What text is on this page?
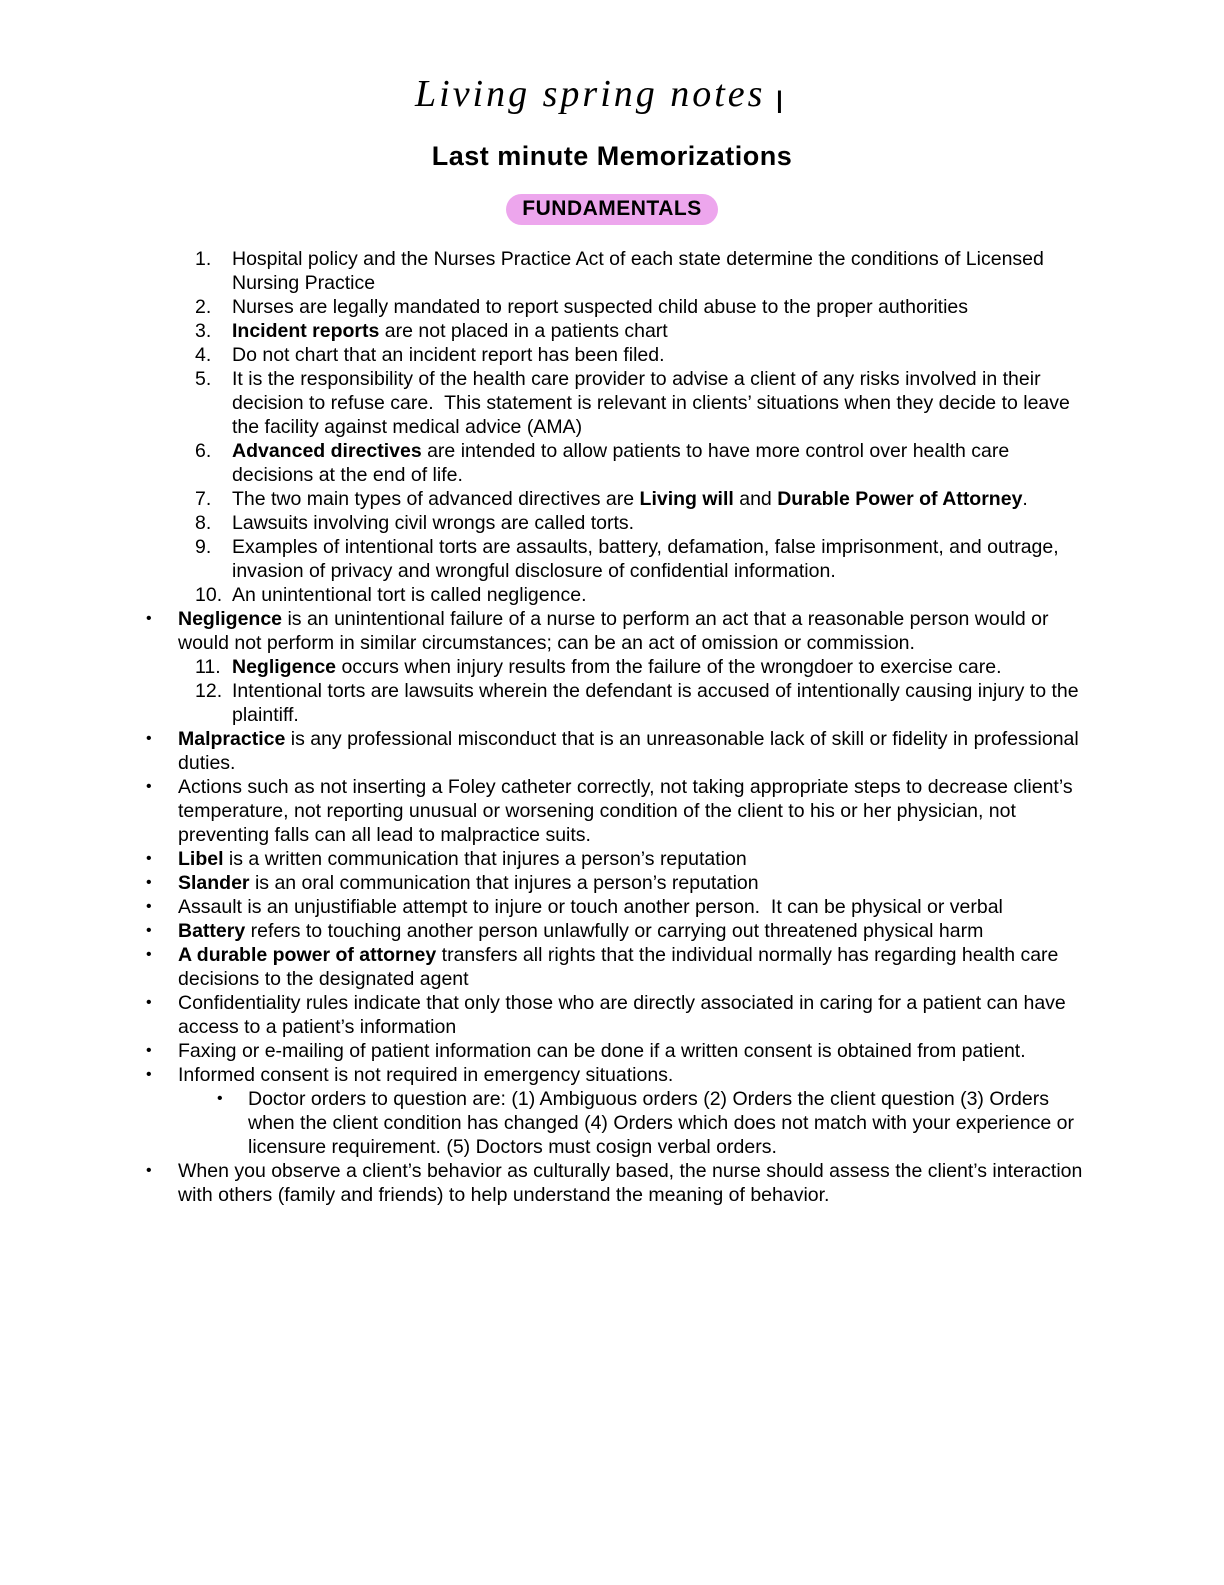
Living spring notes I
Last minute Memorizations
FUNDAMENTALS
1. Hospital policy and the Nurses Practice Act of each state determine the conditions of Licensed  Nursing Practice
2. Nurses are legally mandated to report suspected child abuse to the proper authorities
3. Incident reports are not placed in a patients chart
4. Do not chart that an incident report has been filed.
5. It is the responsibility of the health care provider to advise a client of any risks involved in their decision to refuse care.  This statement is relevant in clients’ situations when they decide to leave the facility against medical advice (AMA)
6. Advanced directives are intended to allow patients to have more control over health care decisions at the end of life.
7. The two main types of advanced directives are Living will and Durable Power of Attorney.
8. Lawsuits involving civil wrongs are called torts.
9. Examples of intentional torts are assaults, battery, defamation, false imprisonment, and outrage, invasion of privacy and wrongful disclosure of confidential information.
10. An unintentional tort is called negligence.
• Negligence is an unintentional failure of a nurse to perform an act that a reasonable person would or would not perform in similar circumstances; can be an act of omission or commission.
11. Negligence occurs when injury results from the failure of the wrongdoer to exercise care.
12. Intentional torts are lawsuits wherein the defendant is accused of intentionally causing injury to the plaintiff.
• Malpractice is any professional misconduct that is an unreasonable lack of skill or fidelity in professional duties.
• Actions such as not inserting a Foley catheter correctly, not taking appropriate steps to decrease client’s temperature, not reporting unusual or worsening condition of the client to his or her physician, not preventing falls can all lead to malpractice suits.
• Libel is a written communication that injures a person’s reputation
• Slander is an oral communication that injures a person’s reputation
• Assault is an unjustifiable attempt to injure or touch another person.  It can be physical or verbal
• Battery refers to touching another person unlawfully or carrying out threatened physical harm
• A durable power of attorney transfers all rights that the individual normally has regarding health care decisions to the designated agent
• Confidentiality rules indicate that only those who are directly associated in caring for a patient can have access to a patient’s information
• Faxing or e-mailing of patient information can be done if a written consent is obtained from patient.
• Informed consent is not required in emergency situations.
• Doctor orders to question are: (1) Ambiguous orders (2) Orders the client question (3) Orders when the client condition has changed (4) Orders which does not match with your experience or licensure requirement. (5) Doctors must cosign verbal orders.
• When you observe a client’s behavior as culturally based, the nurse should assess the client’s interaction with others (family and friends) to help understand the meaning of behavior.
